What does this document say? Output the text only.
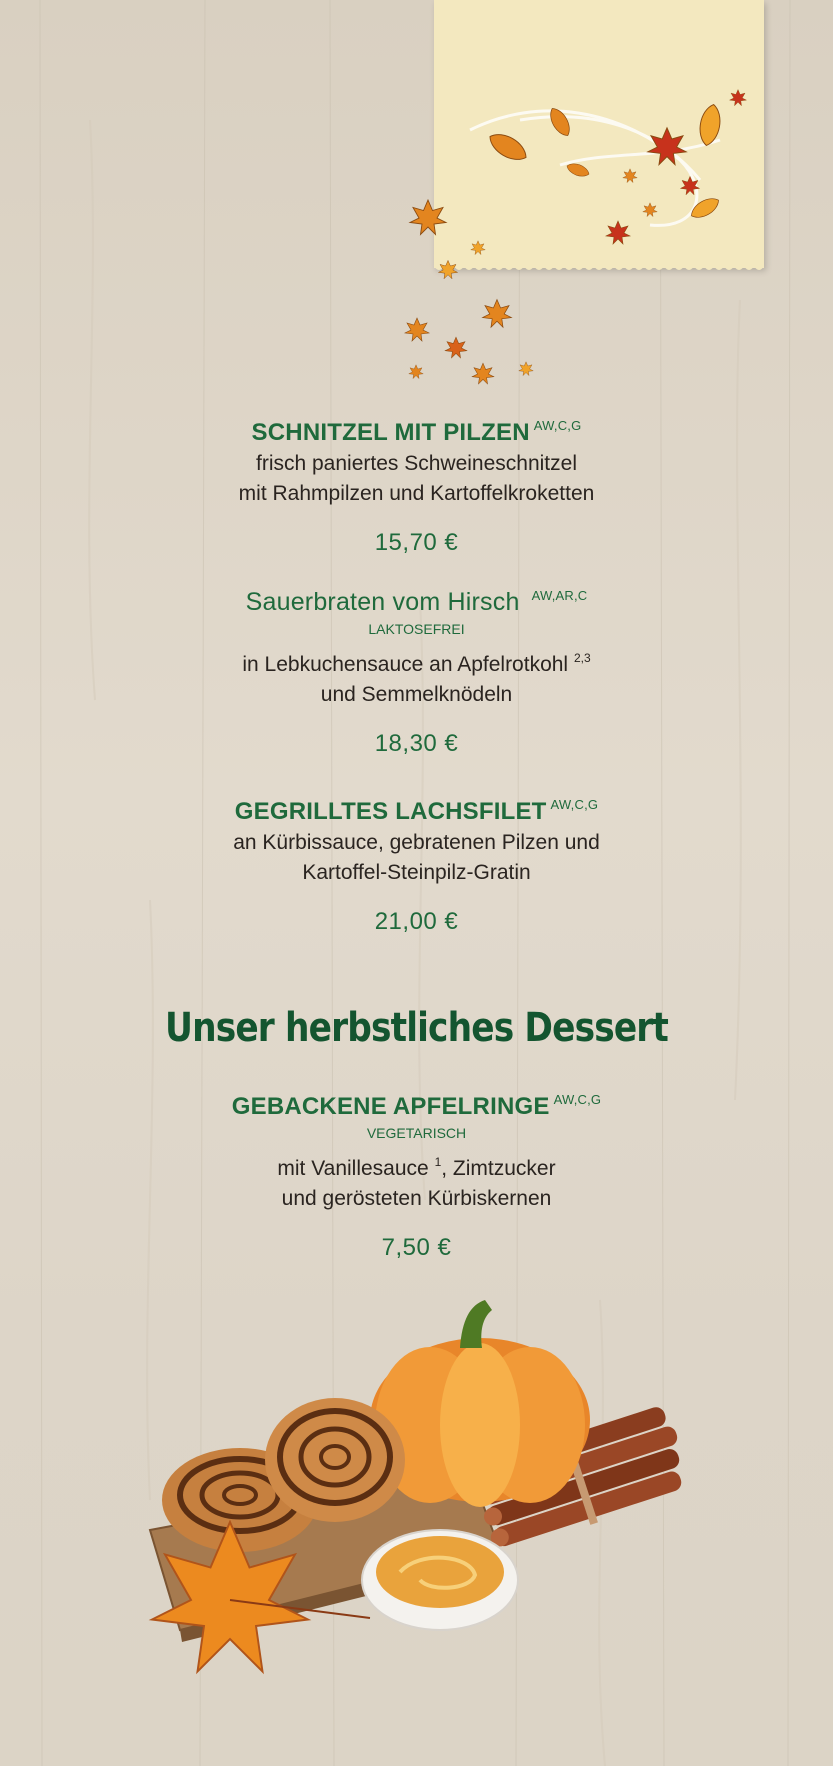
SCHNITZEL MIT PILZEN $^{AW,C,G}$
frisch paniertes Schweineschnitzel
mit Rahmpilzen und Kartoffelkroketten
15,70 €
Sauerbraten vom Hirsch $^{AW,AR,C}$
LAKTOSEFREI
in Lebkuchensauce an Apfelrotkohl $^{2,3}$
und Semmelknödeln
18,30 €
GEGRILLTES LACHSFILET $^{AW,C,G}$
an Kürbissauce, gebratenen Pilzen und
Kartoffel-Steinpilz-Gratin
21,00 €
Unser herbstliches Dessert
GEBACKENE APFELRINGE $^{AW,C,G}$
VEGETARISCH
mit Vanillesauce $^1$, Zimtzucker
und gerösteten Kürbiskernen
7,50 €
